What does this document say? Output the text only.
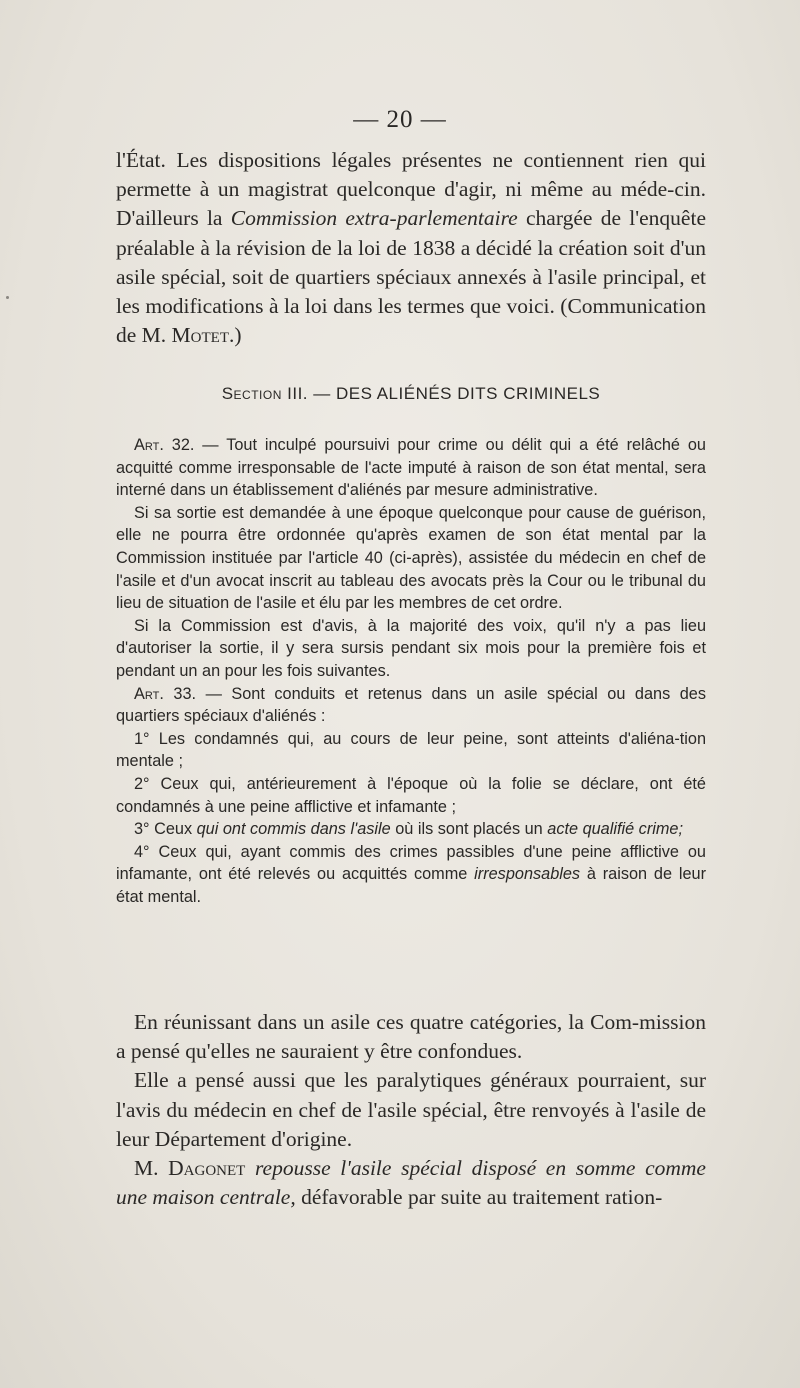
— 20 —

l'État. Les dispositions légales présentes ne contiennent rien qui permette à un magistrat quelconque d'agir, ni même au méde-cin. D'ailleurs la Commission extra-parlementaire chargée de l'enquête préalable à la révision de la loi de 1838 a décidé la création soit d'un asile spécial, soit de quartiers spéciaux annexés à l'asile principal, et les modifications à la loi dans les termes que voici. (Communication de M. Motet.)

Section III. — DES ALIÉNÉS DITS CRIMINELS

Art. 32. — Tout inculpé poursuivi pour crime ou délit qui a été relâché ou acquitté comme irresponsable de l'acte imputé à raison de son état mental, sera interné dans un établissement d'aliénés par mesure administrative.

Si sa sortie est demandée à une époque quelconque pour cause de guérison, elle ne pourra être ordonnée qu'après examen de son état mental par la Commission instituée par l'article 40 (ci-après), assistée du médecin en chef de l'asile et d'un avocat inscrit au tableau des avocats près la Cour ou le tribunal du lieu de situation de l'asile et élu par les membres de cet ordre.

Si la Commission est d'avis, à la majorité des voix, qu'il n'y a pas lieu d'autoriser la sortie, il y sera sursis pendant six mois pour la première fois et pendant un an pour les fois suivantes.

Art. 33. — Sont conduits et retenus dans un asile spécial ou dans des quartiers spéciaux d'aliénés :

1° Les condamnés qui, au cours de leur peine, sont atteints d'aliéna-tion mentale ;

2° Ceux qui, antérieurement à l'époque où la folie se déclare, ont été condamnés à une peine afflictive et infamante ;

3° Ceux qui ont commis dans l'asile où ils sont placés un acte qualifié crime;

4° Ceux qui, ayant commis des crimes passibles d'une peine afflictive ou infamante, ont été relevés ou acquittés comme irresponsables à raison de leur état mental.

En réunissant dans un asile ces quatre catégories, la Com-mission a pensé qu'elles ne sauraient y être confondues.

Elle a pensé aussi que les paralytiques généraux pourraient, sur l'avis du médecin en chef de l'asile spécial, être renvoyés à l'asile de leur Département d'origine.

M. Dagonet repousse l'asile spécial disposé en somme comme une maison centrale, défavorable par suite au traitement ration-
